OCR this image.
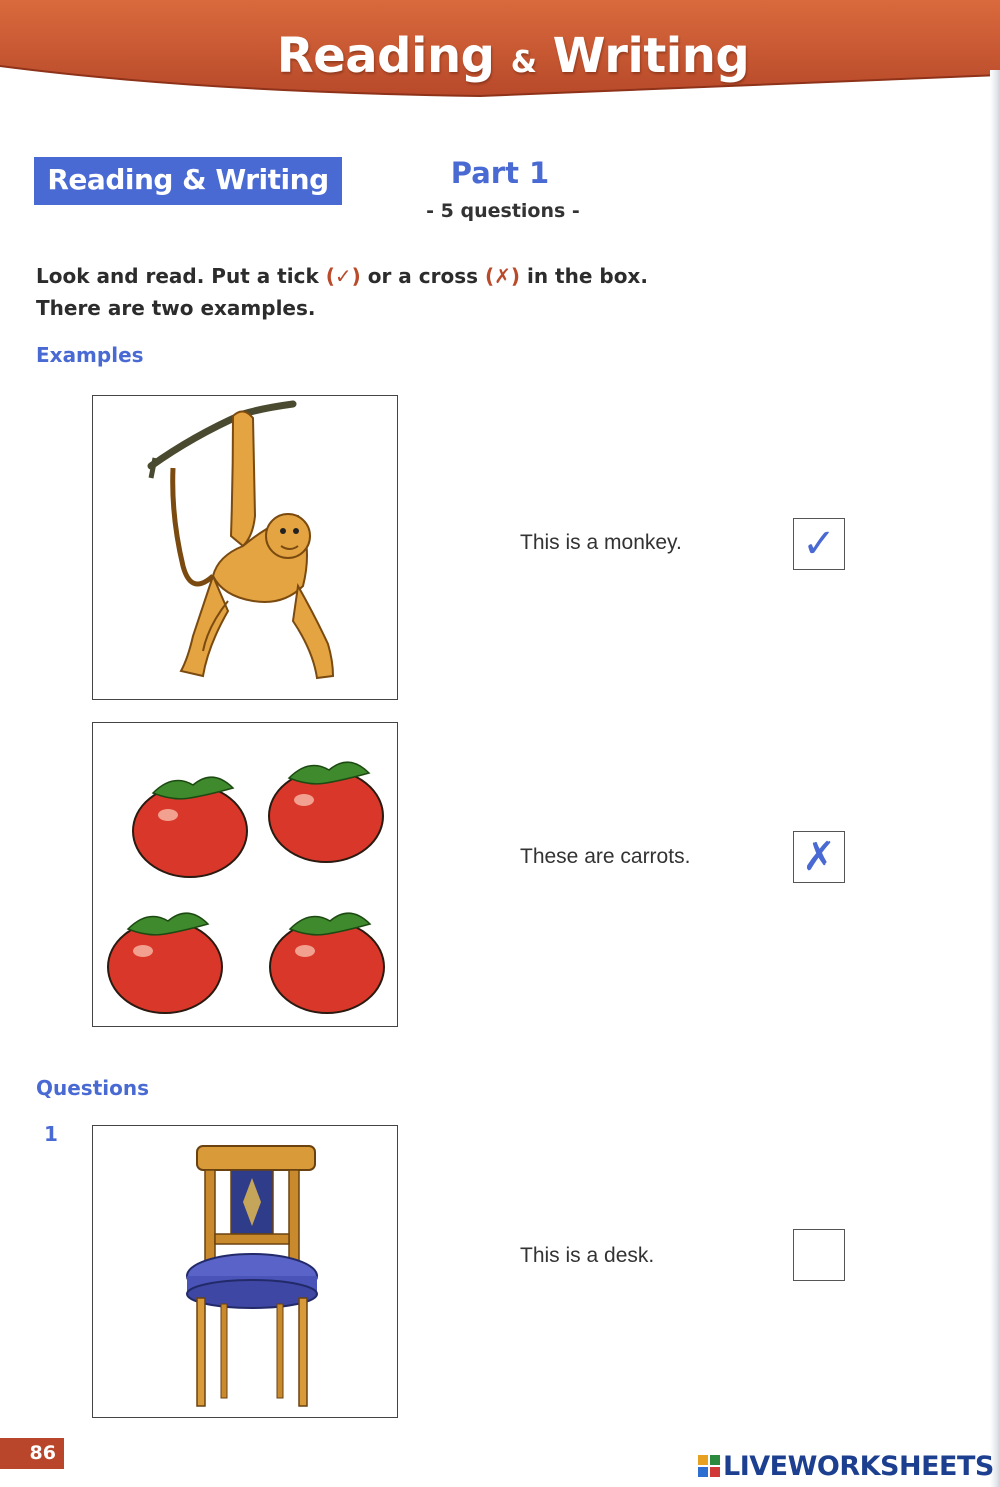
Reading & Writing
Reading & Writing	Part 1
- 5 questions -
Look and read. Put a tick (✓) or a cross (✗) in the box.
There are two examples.
Examples
This is a monkey.	✓
These are carrots.	✗
Questions
1
This is a desk.
86	LIVEWORKSHEETS
